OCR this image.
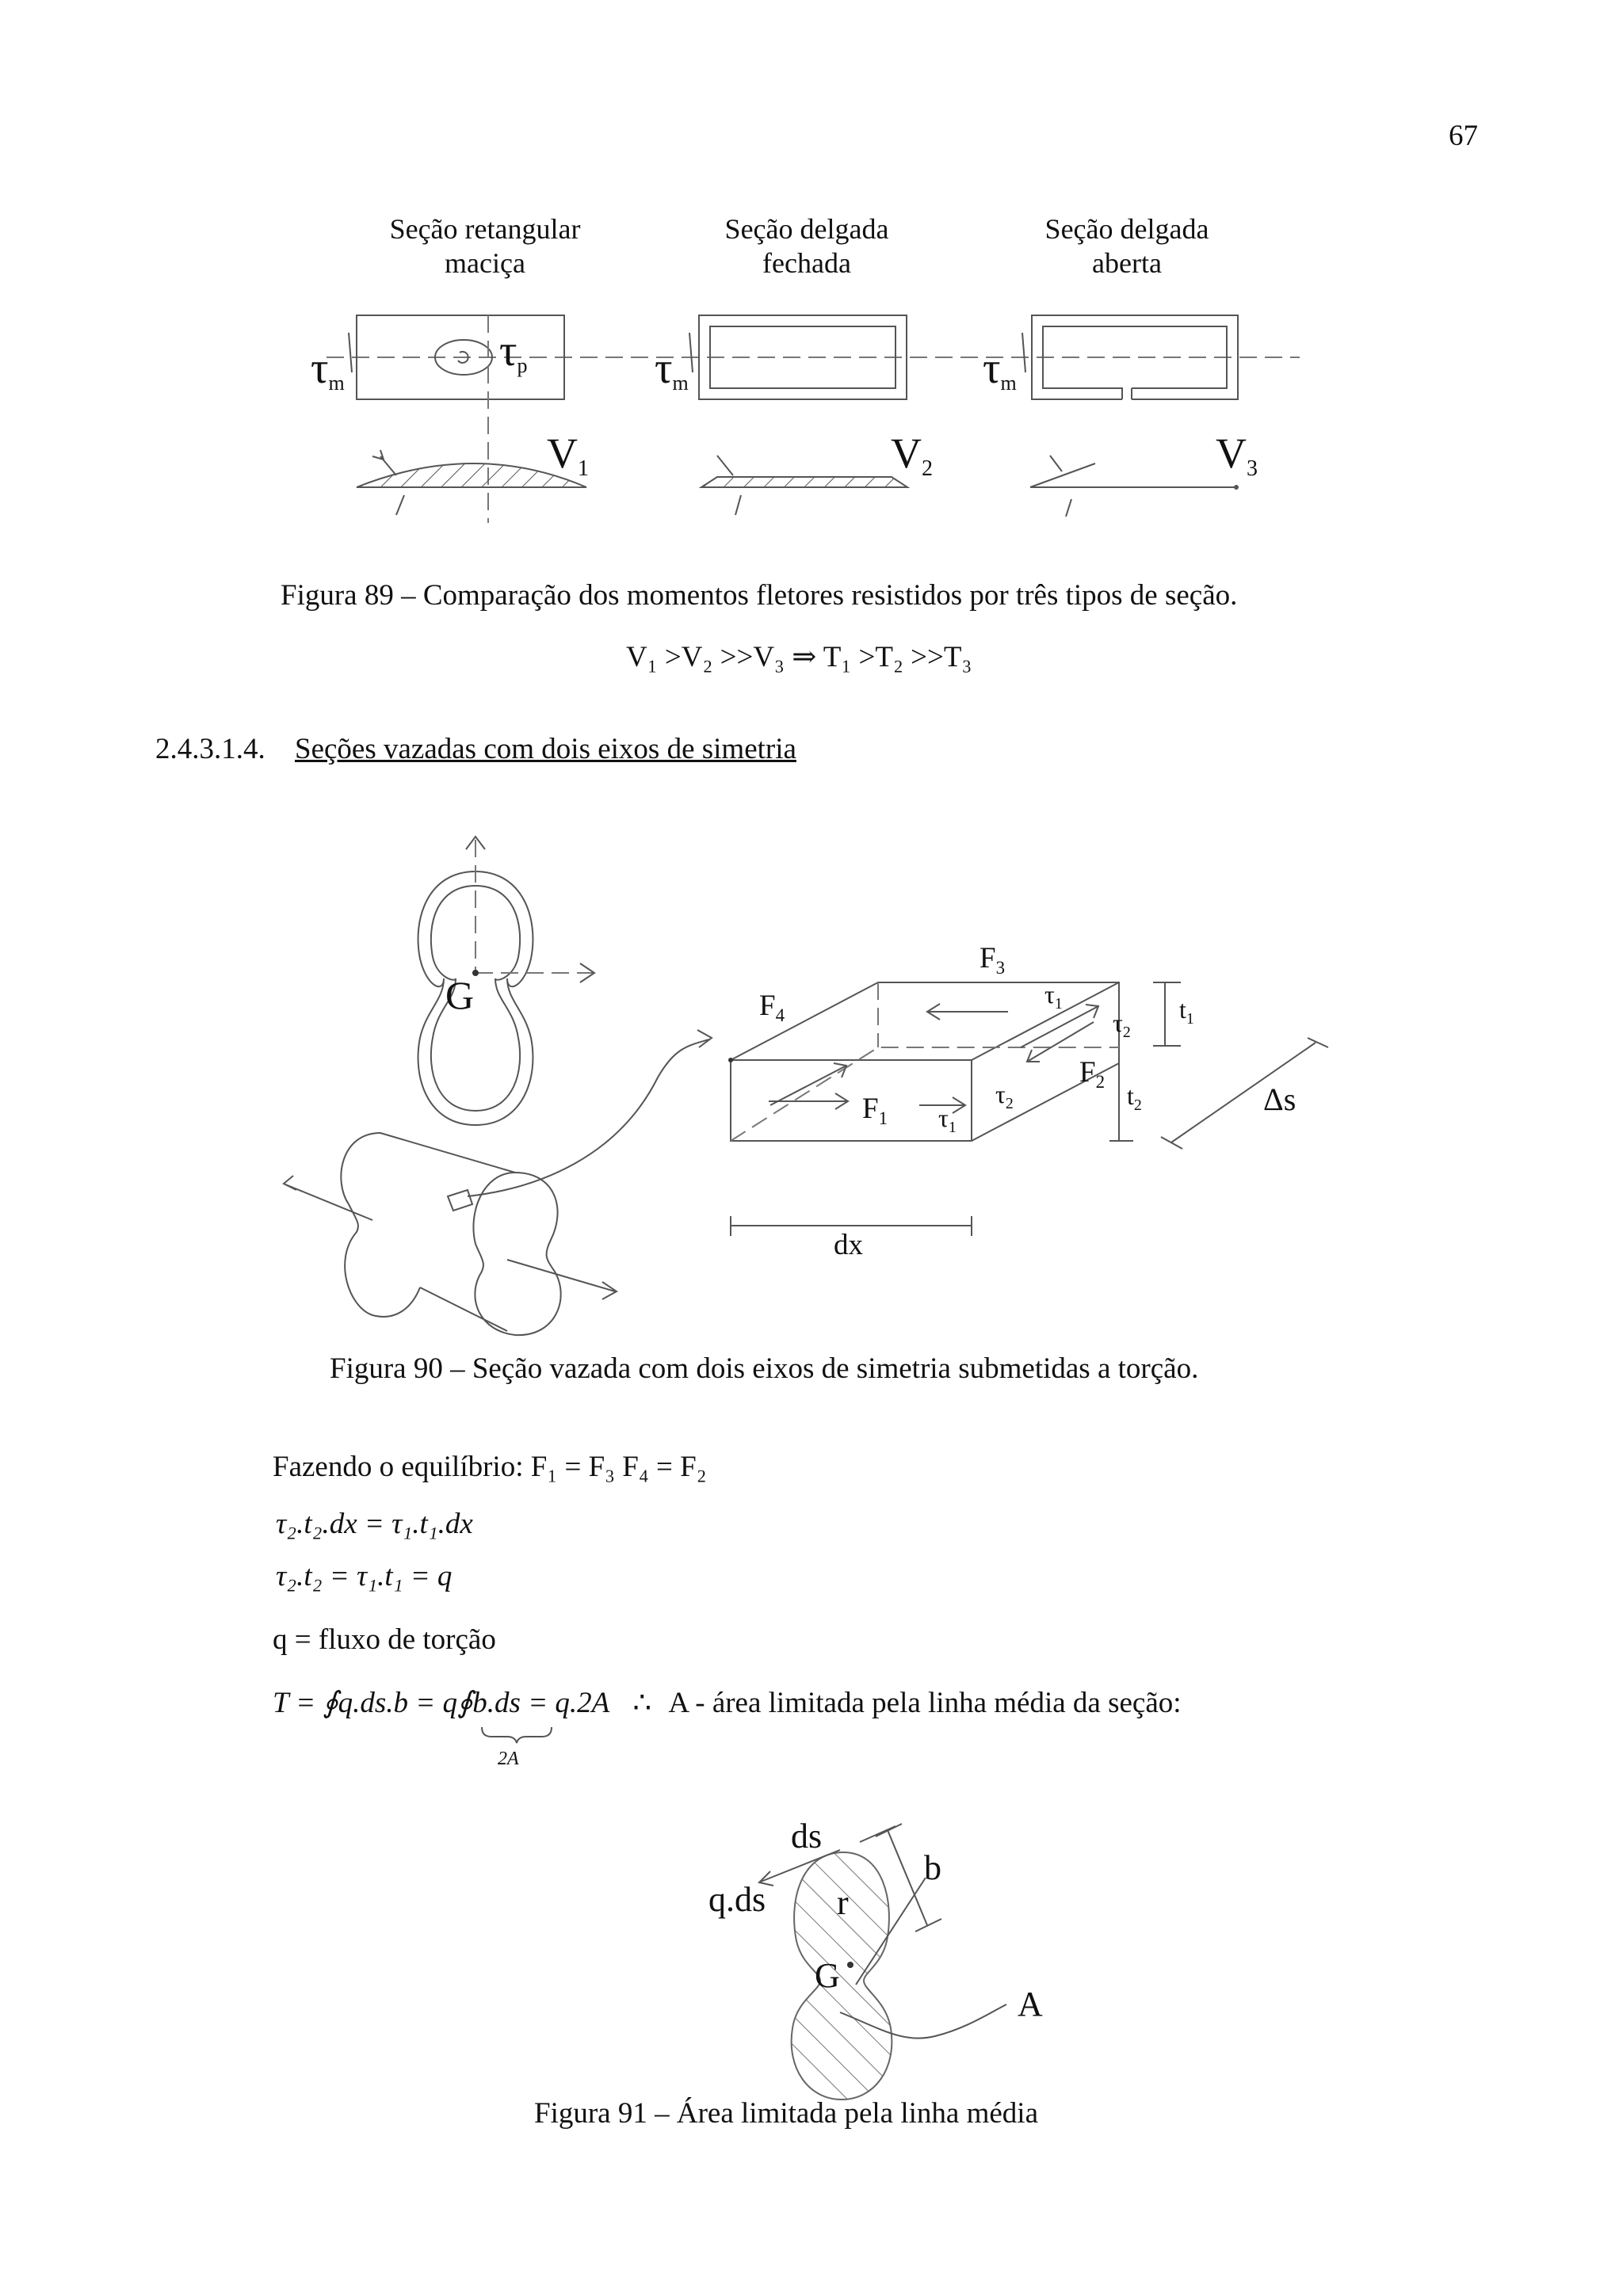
67
Seção retangular
maciça
Seção delgada
fechada
Seção delgada
aberta
$\tau_m$
$\tau_p$	$\tau_m$	$\tau_m$
$V_1$	$V_2$	$V_3$
Figura 89 – Comparação dos momentos fletores resistidos por três tipos de seção.
V₁ >V₂ >>V₃ ⇒ T₁ >T₂ >>T₃
2.4.3.1.4. Seções vazadas com dois eixos de simetria
G
$F_3$
$F_4$
$F_1$
$F_2$
$\tau_1$
$\tau_2$
$\tau_2$
$\tau_1$
$t_1$
$t_2$	Δs
dx
Figura 90 – Seção vazada com dois eixos de simetria submetidas a torção.
Fazendo o equilíbrio: F₁ = F₃ F₄ = F₂
τ₂.t₂.dx = τ₁.t₁.dx
τ₂.t₂ = τ₁.t₁ = q
q = fluxo de torção
T = ∮q.ds.b = q∮b.ds = q.2A ∴ A - área limitada pela linha média da seção:
2A
ds
b
q.ds r
G
A
Figura 91 – Área limitada pela linha média
